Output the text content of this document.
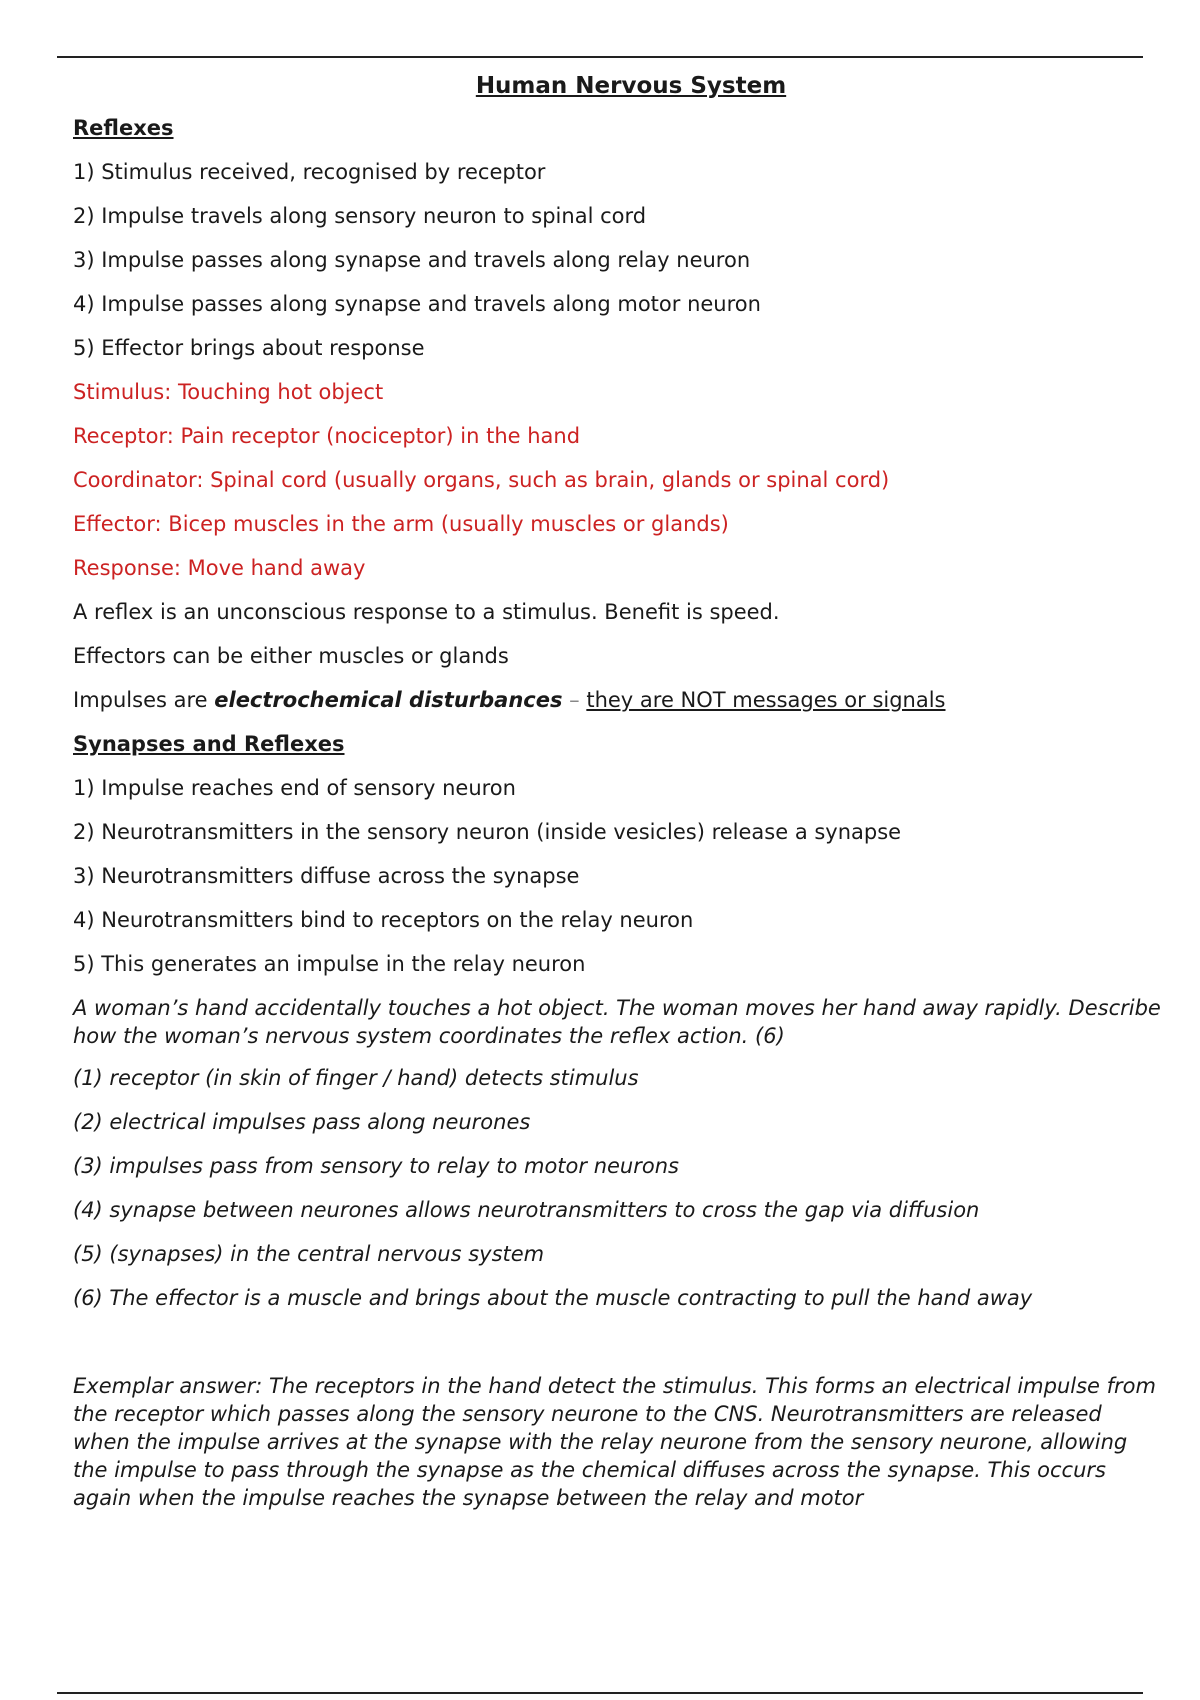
Human Nervous System
Reflexes
1) Stimulus received, recognised by receptor
2) Impulse travels along sensory neuron to spinal cord
3) Impulse passes along synapse and travels along relay neuron
4) Impulse passes along synapse and travels along motor neuron
5) Effector brings about response
Stimulus: Touching hot object
Receptor: Pain receptor (nociceptor) in the hand
Coordinator: Spinal cord (usually organs, such as brain, glands or spinal cord)
Effector: Bicep muscles in the arm (usually muscles or glands)
Response: Move hand away
A reflex is an unconscious response to a stimulus. Benefit is speed.
Effectors can be either muscles or glands
Impulses are electrochemical disturbances – they are NOT messages or signals
Synapses and Reflexes
1) Impulse reaches end of sensory neuron
2) Neurotransmitters in the sensory neuron (inside vesicles) release a synapse
3) Neurotransmitters diffuse across the synapse
4) Neurotransmitters bind to receptors on the relay neuron
5) This generates an impulse in the relay neuron
A woman’s hand accidentally touches a hot object. The woman moves her hand away rapidly. Describe how the woman’s nervous system coordinates the reflex action. (6)
(1) receptor (in skin of finger / hand) detects stimulus
(2) electrical impulses pass along neurones
(3) impulses pass from sensory to relay to motor neurons
(4) synapse between neurones allows neurotransmitters to cross the gap via diffusion
(5) (synapses) in the central nervous system
(6) The effector is a muscle and brings about the muscle contracting to pull the hand away
Exemplar answer: The receptors in the hand detect the stimulus. This forms an electrical impulse from the receptor which passes along the sensory neurone to the CNS. Neurotransmitters are released when the impulse arrives at the synapse with the relay neurone from the sensory neurone, allowing the impulse to pass through the synapse as the chemical diffuses across the synapse. This occurs again when the impulse reaches the synapse between the relay and motor
